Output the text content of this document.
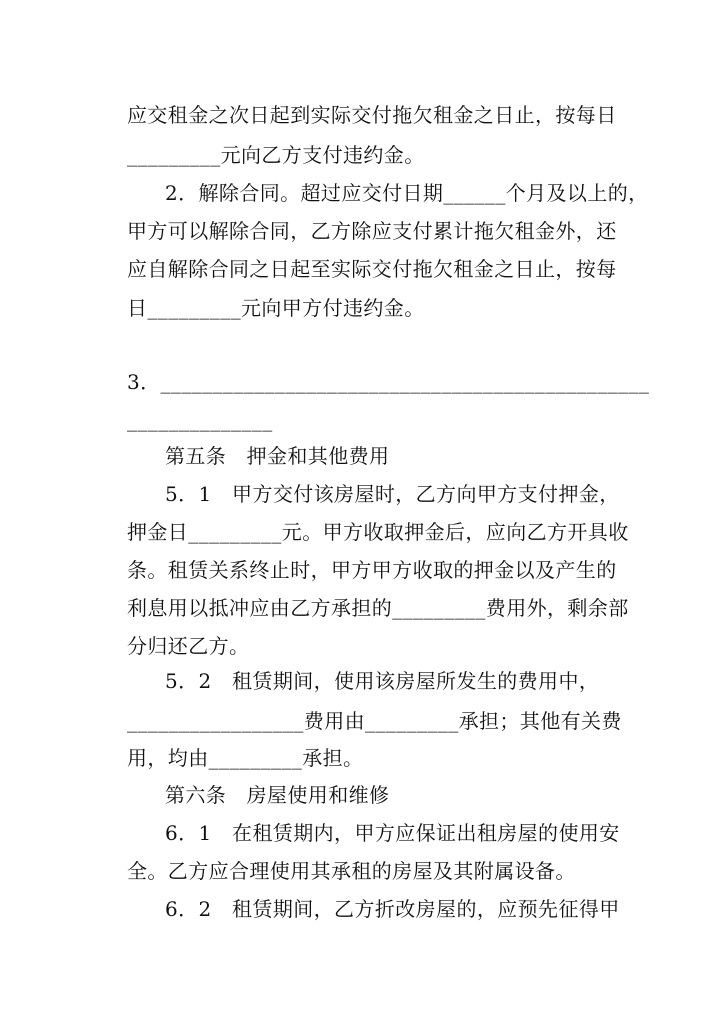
应交租金之次日起到实际交付拖欠租金之日止，按每日
_________元向乙方支付违约金。
2．解除合同。超过应交付日期______个月及以上的，
甲方可以解除合同，乙方除应支付累计拖欠租金外，还
应自解除合同之日起至实际交付拖欠租金之日止，按每
日_________元向甲方付违约金。
3．_______________________________________________
______________
第五条　押金和其他费用
5．1　甲方交付该房屋时，乙方向甲方支付押金，
押金日_________元。甲方收取押金后，应向乙方开具收
条。租赁关系终止时，甲方甲方收取的押金以及产生的
利息用以抵冲应由乙方承担的_________费用外，剩余部
分归还乙方。
5．2　租赁期间，使用该房屋所发生的费用中，
_________________费用由_________承担；其他有关费
用，均由_________承担。
第六条　房屋使用和维修
6．1　在租赁期内，甲方应保证出租房屋的使用安
全。乙方应合理使用其承租的房屋及其附属设备。
6．2　租赁期间，乙方折改房屋的，应预先征得甲
